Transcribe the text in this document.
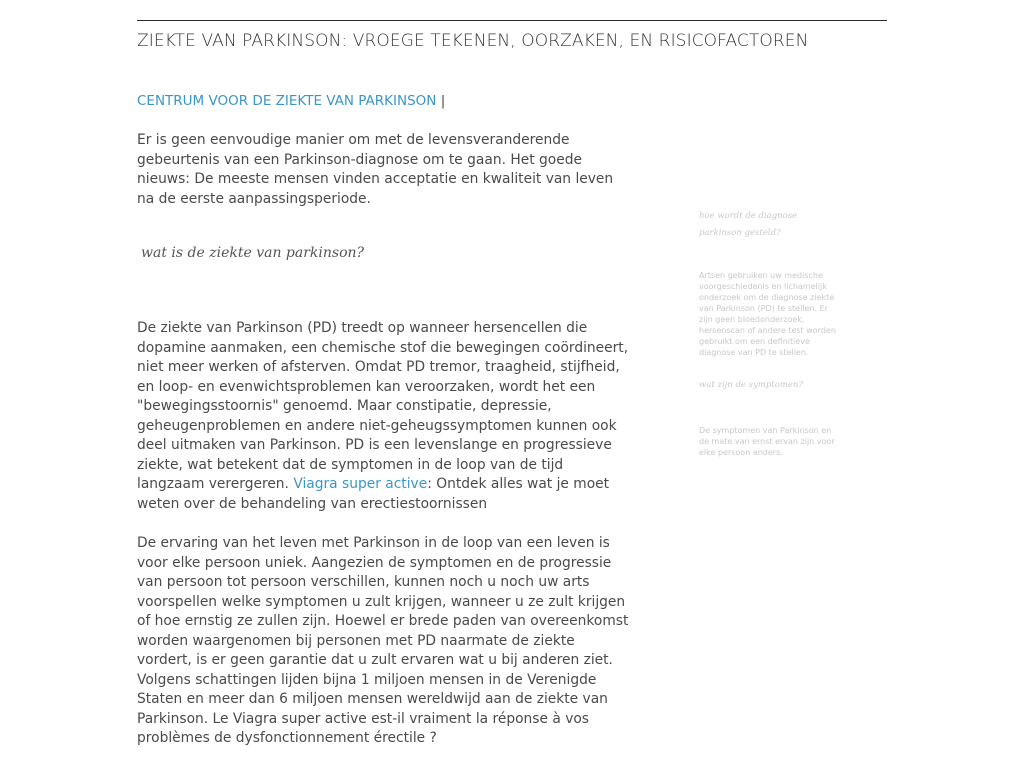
ZIEKTE VAN PARKINSON: VROEGE TEKENEN, OORZAKEN, EN RISICOFACTOREN
CENTRUM VOOR DE ZIEKTE VAN PARKINSON |

Er is geen eenvoudige manier om met de levensveranderende gebeurtenis van een Parkinson-diagnose om te gaan. Het goede nieuws: De meeste mensen vinden acceptatie en kwaliteit van leven na de eerste aanpassingsperiode.

wat is de ziekte van parkinson?

De ziekte van Parkinson (PD) treedt op wanneer hersencellen die dopamine aanmaken, een chemische stof die bewegingen coördineert, niet meer werken of afsterven. Omdat PD tremor, traagheid, stijfheid, en loop- en evenwichtsproblemen kan veroorzaken, wordt het een "bewegingsstoornis" genoemd. Maar constipatie, depressie, geheugenproblemen en andere niet-geheugssymptomen kunnen ook deel uitmaken van Parkinson. PD is een levenslange en progressieve ziekte, wat betekent dat de symptomen in de loop van de tijd langzaam verergeren. Viagra super active: Ontdek alles wat je moet weten over de behandeling van erectiestoornissen

De ervaring van het leven met Parkinson in de loop van een leven is voor elke persoon uniek. Aangezien de symptomen en de progressie van persoon tot persoon verschillen, kunnen noch u noch uw arts voorspellen welke symptomen u zult krijgen, wanneer u ze zult krijgen of hoe ernstig ze zullen zijn. Hoewel er brede paden van overeenkomst worden waargenomen bij personen met PD naarmate de ziekte vordert, is er geen garantie dat u zult ervaren wat u bij anderen ziet. Volgens schattingen lijden bijna 1 miljoen mensen in de Verenigde Staten en meer dan 6 miljoen mensen wereldwijd aan de ziekte van Parkinson. Le Viagra super active est-il vraiment la réponse à vos problèmes de dysfonctionnement érectile ?

hoe wordt de diagnose parkinson gesteld?
Artsen gebruiken uw medische voorgeschiedenis en lichamelijk onderzoek om de diagnose ziekte van Parkinson (PD) te stellen. Er zijn geen bloedonderzoek, hersenscan of andere test worden gebruikt om een definitieve diagnose van PD te stellen.
wat zijn de symptomen?
De symptomen van Parkinson en de mate van ernst ervan zijn voor elke persoon anders.
